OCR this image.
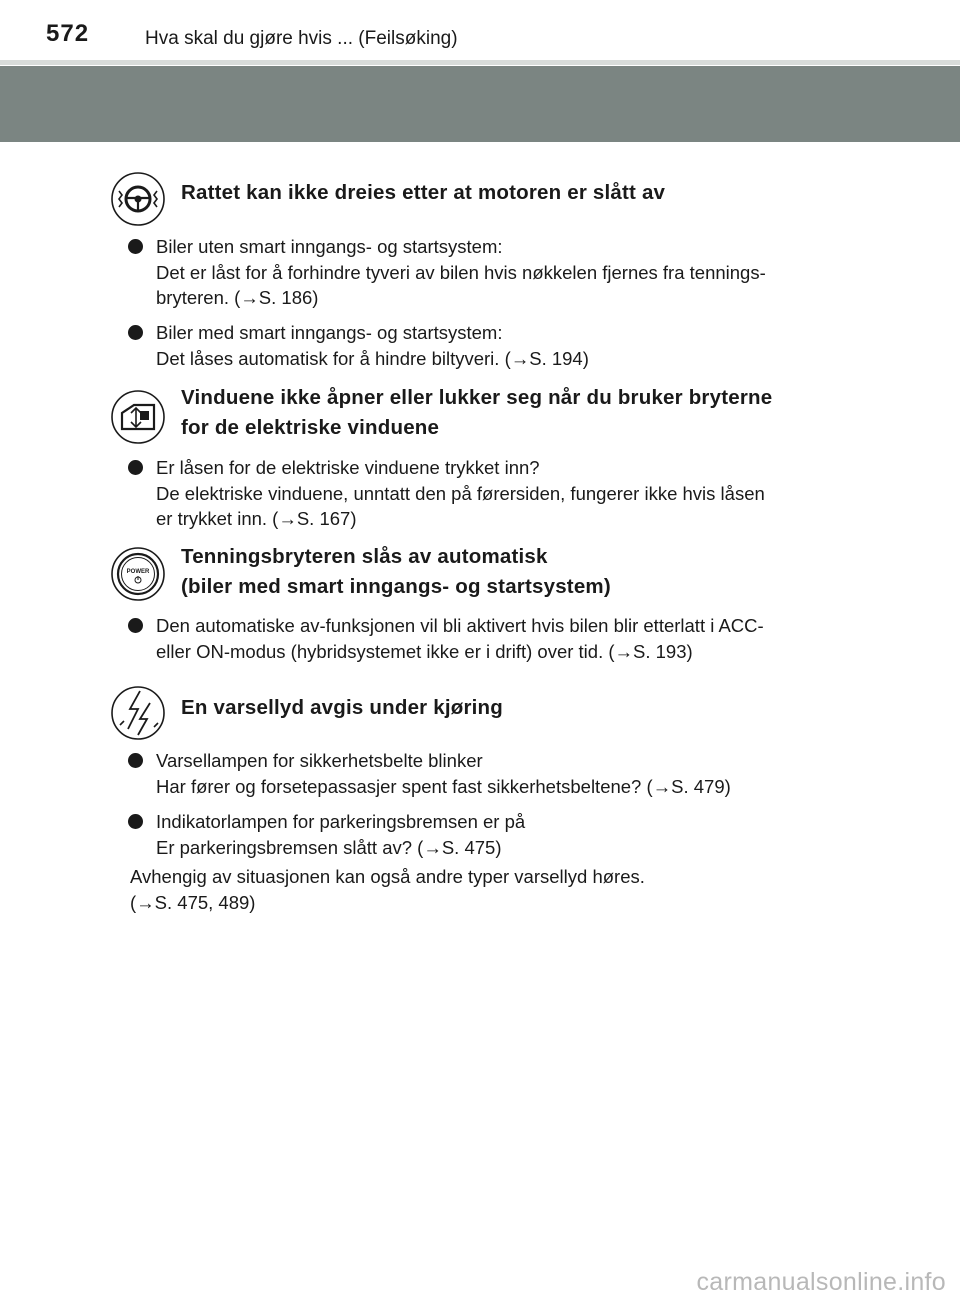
572	Hva skal du gjøre hvis ... (Feilsøking)
Rattet kan ikke dreies etter at motoren er slått av
Biler uten smart inngangs- og startsystem:
Det er låst for å forhindre tyveri av bilen hvis nøkkelen fjernes fra tennings-
bryteren. (→S. 186)
Biler med smart inngangs- og startsystem:
Det låses automatisk for å hindre biltyveri. (→S. 194)
Vinduene ikke åpner eller lukker seg når du bruker bryterne
for de elektriske vinduene
Er låsen for de elektriske vinduene trykket inn?
De elektriske vinduene, unntatt den på førersiden, fungerer ikke hvis låsen
er trykket inn. (→S. 167)
POWER
Tenningsbryteren slås av automatisk
(biler med smart inngangs- og startsystem)
Den automatiske av-funksjonen vil bli aktivert hvis bilen blir etterlatt i ACC-
eller ON-modus (hybridsystemet ikke er i drift) over tid. (→S. 193)
En varsellyd avgis under kjøring
Varsellampen for sikkerhetsbelte blinker
Har fører og forsetepassasjer spent fast sikkerhetsbeltene? (→S. 479)
Indikatorlampen for parkeringsbremsen er på
Er parkeringsbremsen slått av? (→S. 475)
Avhengig av situasjonen kan også andre typer varsellyd høres.
(→S. 475, 489)
carmanualsonline.info
